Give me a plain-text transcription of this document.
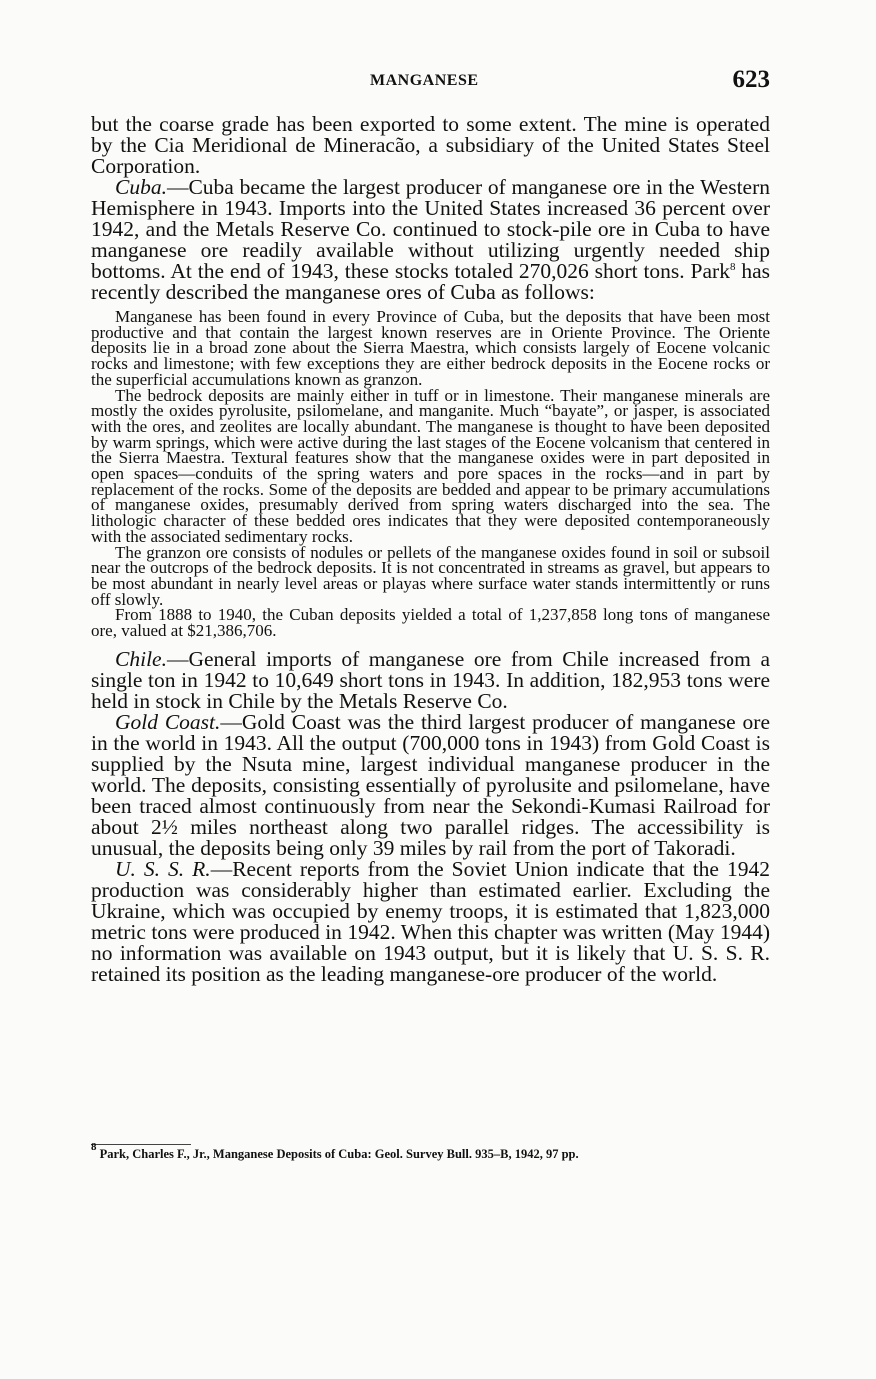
MANGANESE	623

but the coarse grade has been exported to some extent. The mine is operated by the Cia Meridional de Mineracão, a subsidiary of the United States Steel Corporation.

Cuba.—Cuba became the largest producer of manganese ore in the Western Hemisphere in 1943. Imports into the United States increased 36 percent over 1942, and the Metals Reserve Co. continued to stock-pile ore in Cuba to have manganese ore readily available without utilizing urgently needed ship bottoms. At the end of 1943, these stocks totaled 270,026 short tons. Park$^8$ has recently described the manganese ores of Cuba as follows:

Manganese has been found in every Province of Cuba, but the deposits that have been most productive and that contain the largest known reserves are in Oriente Province. The Oriente deposits lie in a broad zone about the Sierra Maestra, which consists largely of Eocene volcanic rocks and limestone; with few exceptions they are either bedrock deposits in the Eocene rocks or the superficial accumulations known as granzon.

The bedrock deposits are mainly either in tuff or in limestone. Their manganese minerals are mostly the oxides pyrolusite, psilomelane, and manganite. Much “bayate”, or jasper, is associated with the ores, and zeolites are locally abundant. The manganese is thought to have been deposited by warm springs, which were active during the last stages of the Eocene volcanism that centered in the Sierra Maestra. Textural features show that the manganese oxides were in part deposited in open spaces—conduits of the spring waters and pore spaces in the rocks—and in part by replacement of the rocks. Some of the deposits are bedded and appear to be primary accumulations of manganese oxides, presumably derived from spring waters discharged into the sea. The lithologic character of these bedded ores indicates that they were deposited contemporaneously with the associated sedimentary rocks.

The granzon ore consists of nodules or pellets of the manganese oxides found in soil or subsoil near the outcrops of the bedrock deposits. It is not concentrated in streams as gravel, but appears to be most abundant in nearly level areas or playas where surface water stands intermittently or runs off slowly.

From 1888 to 1940, the Cuban deposits yielded a total of 1,237,858 long tons of manganese ore, valued at $21,386,706.

Chile.—General imports of manganese ore from Chile increased from a single ton in 1942 to 10,649 short tons in 1943. In addition, 182,953 tons were held in stock in Chile by the Metals Reserve Co.

Gold Coast.—Gold Coast was the third largest producer of manganese ore in the world in 1943. All the output (700,000 tons in 1943) from Gold Coast is supplied by the Nsuta mine, largest individual manganese producer in the world. The deposits, consisting essentially of pyrolusite and psilomelane, have been traced almost continuously from near the Sekondi-Kumasi Railroad for about 2½ miles northeast along two parallel ridges. The accessibility is unusual, the deposits being only 39 miles by rail from the port of Takoradi.

U. S. S. R.—Recent reports from the Soviet Union indicate that the 1942 production was considerably higher than estimated earlier. Excluding the Ukraine, which was occupied by enemy troops, it is estimated that 1,823,000 metric tons were produced in 1942. When this chapter was written (May 1944) no information was available on 1943 output, but it is likely that U. S. S. R. retained its position as the leading manganese-ore producer of the world.

$^8$ Park, Charles F., Jr., Manganese Deposits of Cuba: Geol. Survey Bull. 935–B, 1942, 97 pp.
